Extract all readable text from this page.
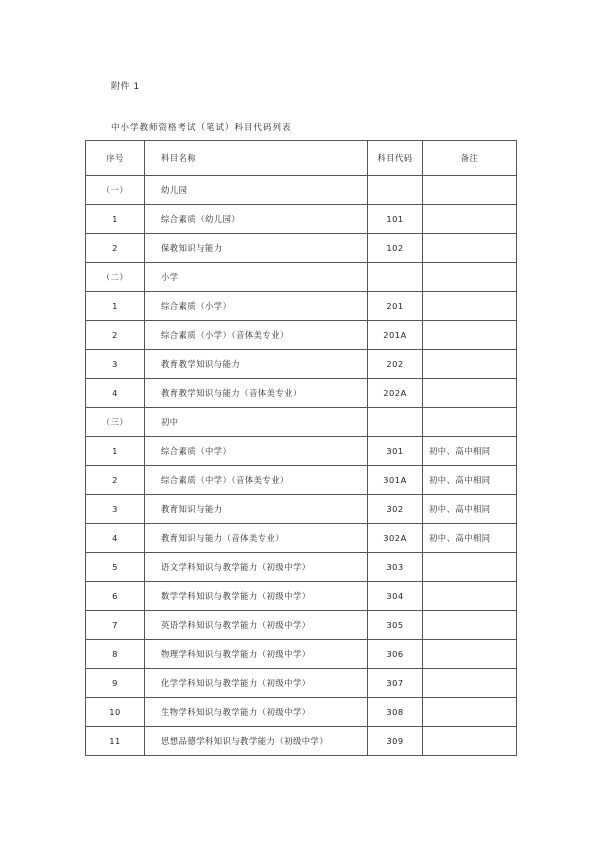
附件 1
中小学教师资格考试（笔试）科目代码列表
序号	科目名称	科目代码	备注
（一）	幼儿园		
1	综合素质（幼儿园）	101	
2	保教知识与能力	102	
（二）	小学		
1	综合素质（小学）	201	
2	综合素质（小学）（音体美专业）	201A	
3	教育教学知识与能力	202	
4	教育教学知识与能力（音体美专业）	202A	
（三）	初中		
1	综合素质（中学）	301	初中、高中相同
2	综合素质（中学）（音体美专业）	301A	初中、高中相同
3	教育知识与能力	302	初中、高中相同
4	教育知识与能力（音体美专业）	302A	初中、高中相同
5	语文学科知识与教学能力（初级中学）	303	
6	数学学科知识与教学能力（初级中学）	304	
7	英语学科知识与教学能力（初级中学）	305	
8	物理学科知识与教学能力（初级中学）	306	
9	化学学科知识与教学能力（初级中学）	307	
10	生物学科知识与教学能力（初级中学）	308	
11	思想品德学科知识与教学能力（初级中学）	309	
